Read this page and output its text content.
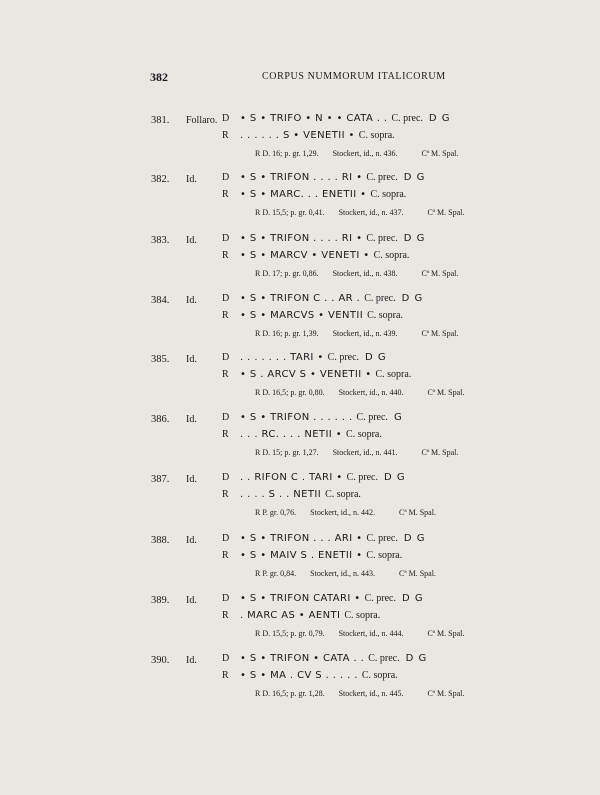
382	CORPUS NUMMORUM ITALICORUM
381. Follaro. D • S • TRIFO • N • • CATA . . C. prec. D G
R . . . . . . S • VENETII • C. sopra.
R D. 16; p. gr. 1,29. Stockert, id., n. 436.	Cª M. Spal.
382. Id.	D • S • TRIFON . . . . RI • C. prec. D G
R • S • MARC. . . ENETII • C. sopra.
R D. 15,5; p. gr. 0,41. Stockert, id., n. 437.	Cª M. Spal.
383. Id.	D • S • TRIFON . . . . RI • C. prec. D G
R • S • MARCV • VENETI • C. sopra.
R D. 17; p. gr. 0,86. Stockert, id., n. 438.	Cª M. Spal.
384. Id.	D • S • TRIFON C . . AR . C. prec. D G
R • S • MARCVS • VENTII C. sopra.
R D. 16; p. gr. 1,39. Stockert, id., n. 439.	Cª M. Spal.
385. Id.	D . . . . . . . TARI • C. prec. D G
R • S . ARCV S • VENETII • C. sopra.
R D. 16,5; p. gr. 0,80. Stockert, id., n. 440.	Cª M. Spal.
386. Id.	D • S • TRIFON . . . . . . C. prec. G
R . . . RC. . . . NETII • C. sopra.
R D. 15; p. gr. 1,27. Stockert, id., n. 441.	Cª M. Spal.
387. Id.	D . . RIFON C . TARI • C. prec. D G
R . . . . S . . NETII C. sopra.
R P. gr. 0,76. Stockert, id., n. 442.	Cª M. Spal.
388. Id.	D • S • TRIFON . . . ARI • C. prec. D G
R • S • MAIV S . ENETII • C. sopra.
R P. gr. 0,84. Stockert, id., n. 443.	Cª M. Spal.
389. Id.	D • S • TRIFON CATARI • C. prec. D G
R . MARC AS • AENTI C. sopra.
R D. 15,5; p. gr. 0,79. Stockert, id., n. 444.	Cª M. Spal.
390. Id.	D • S • TRIFON • CATA . . C. prec. D G
R • S • MA . CV S . . . . . C. sopra.
R D. 16,5; p. gr. 1,28. Stockert, id., n. 445.	Cª M. Spal.
